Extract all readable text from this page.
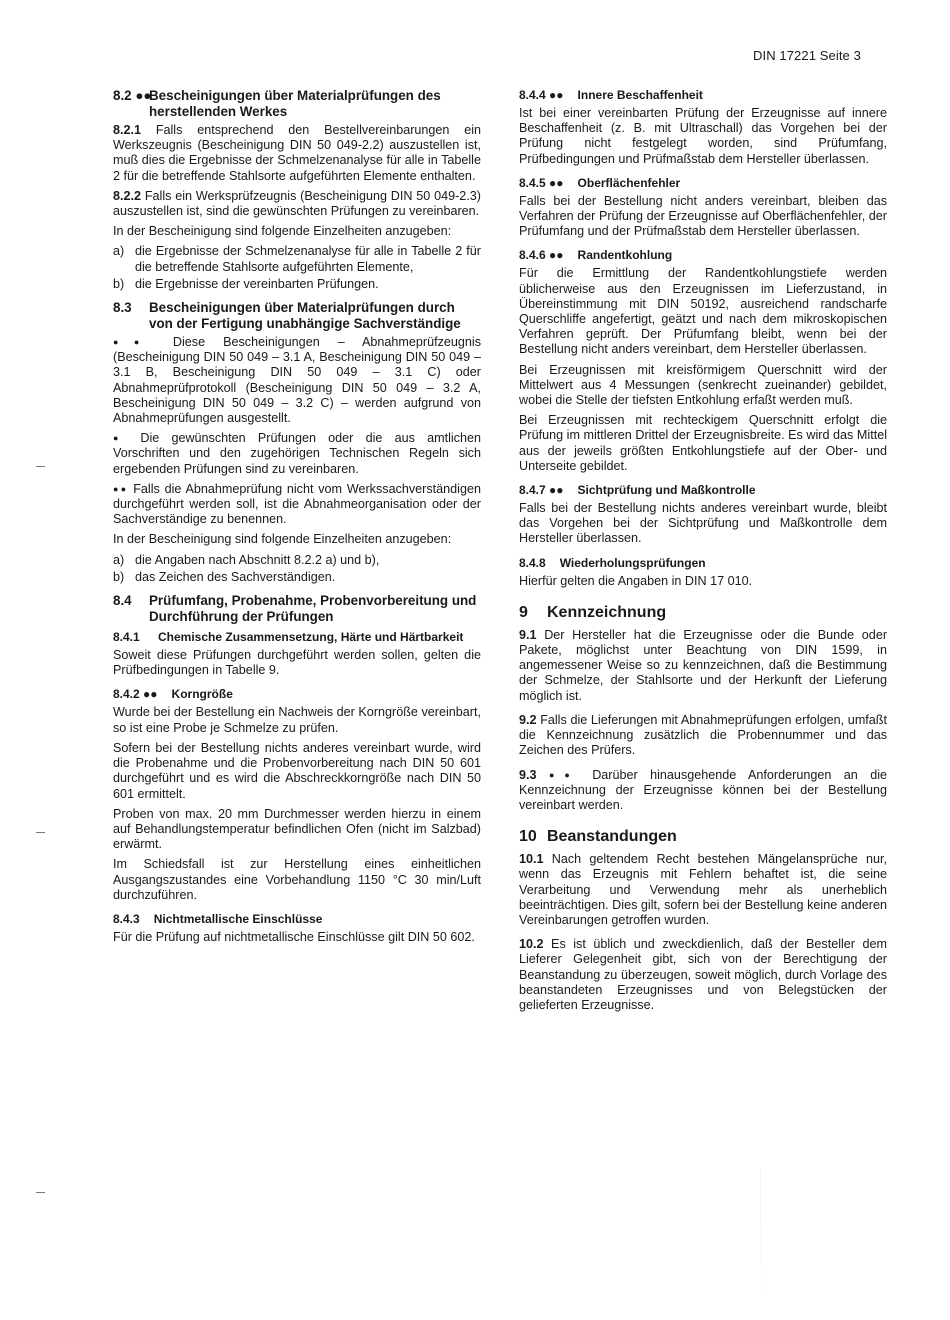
DIN 17221 Seite 3
8.2 ●●
Bescheinigungen über Materialprüfungen des herstellenden Werkes

8.2.1 Falls entsprechend den Bestellvereinbarungen ein Werkszeugnis (Bescheinigung DIN 50 049-2.2) auszustellen ist, muß dies die Ergebnisse der Schmelzenanalyse für alle in Tabelle 2 für die betreffende Stahlsorte aufgeführten Elemente enthalten.

8.2.2 Falls ein Werksprüfzeugnis (Bescheinigung DIN 50 049-2.3) auszustellen ist, sind die gewünschten Prüfungen zu vereinbaren.

In der Bescheinigung sind folgende Einzelheiten anzugeben:

a) die Ergebnisse der Schmelzenanalyse für alle in Tabelle 2 für die betreffende Stahlsorte aufgeführten Elemente,
b) die Ergebnisse der vereinbarten Prüfungen.
8.3 Bescheinigungen über Materialprüfungen durch von der Fertigung unabhängige Sachverständige

●● Diese Bescheinigungen – Abnahmeprüfzeugnis (Bescheinigung DIN 50 049 – 3.1 A, Bescheinigung DIN 50 049 – 3.1 B, Bescheinigung DIN 50 049 – 3.1 C) oder Abnahmeprüfprotokoll (Bescheinigung DIN 50 049 – 3.2 A, Bescheinigung DIN 50 049 – 3.2 C) – werden aufgrund von Abnahmeprüfungen ausgestellt.

● Die gewünschten Prüfungen oder die aus amtlichen Vorschriften und den zugehörigen Technischen Regeln sich ergebenden Prüfungen sind zu vereinbaren.

●● Falls die Abnahmeprüfung nicht vom Werkssachverständigen durchgeführt werden soll, ist die Abnahmeorganisation oder der Sachverständige zu benennen.

In der Bescheinigung sind folgende Einzelheiten anzugeben:

a) die Angaben nach Abschnitt 8.2.2 a) und b),
b) das Zeichen des Sachverständigen.
8.4 Prüfumfang, Probenahme, Probenvorbereitung und Durchführung der Prüfungen
8.4.1 Chemische Zusammensetzung, Härte und Härtbarkeit

Soweit diese Prüfungen durchgeführt werden sollen, gelten die Prüfbedingungen in Tabelle 9.

8.4.2 ●● Korngröße

Wurde bei der Bestellung ein Nachweis der Korngröße vereinbart, so ist eine Probe je Schmelze zu prüfen.

Sofern bei der Bestellung nichts anderes vereinbart wurde, wird die Probenahme und die Probenvorbereitung nach DIN 50 601 durchgeführt und es wird die Abschreckkorngröße nach DIN 50 601 ermittelt.

Proben von max. 20 mm Durchmesser werden hierzu in einem auf Behandlungstemperatur befindlichen Ofen (nicht im Salzbad) erwärmt.

Im Schiedsfall ist zur Herstellung eines einheitlichen Ausgangszustandes eine Vorbehandlung 1150 °C 30 min/Luft durchzuführen.

8.4.3 Nichtmetallische Einschlüsse

Für die Prüfung auf nichtmetallische Einschlüsse gilt DIN 50 602.

8.4.4 ●● Innere Beschaffenheit

Ist bei einer vereinbarten Prüfung der Erzeugnisse auf innere Beschaffenheit (z. B. mit Ultraschall) das Vorgehen bei der Prüfung nicht festgelegt worden, sind Prüfumfang, Prüfbedingungen und Prüfmaßstab dem Hersteller überlassen.

8.4.5 ●● Oberflächenfehler

Falls bei der Bestellung nicht anders vereinbart, bleiben das Verfahren der Prüfung der Erzeugnisse auf Oberflächenfehler, der Prüfumfang und der Prüfmaßstab dem Hersteller überlassen.

8.4.6 ●● Randentkohlung

Für die Ermittlung der Randentkohlungstiefe werden üblicherweise aus den Erzeugnissen im Lieferzustand, in Übereinstimmung mit DIN 50192, ausreichend randscharfe Querschliffe angefertigt, geätzt und nach dem mikroskopischen Verfahren geprüft. Der Prüfumfang bleibt, wenn bei der Bestellung nicht anders vereinbart, dem Hersteller überlassen.

Bei Erzeugnissen mit kreisförmigem Querschnitt wird der Mittelwert aus 4 Messungen (senkrecht zueinander) gebildet, wobei die Stelle der tiefsten Entkohlung erfaßt werden muß.

Bei Erzeugnissen mit rechteckigem Querschnitt erfolgt die Prüfung im mittleren Drittel der Erzeugnisbreite. Es wird das Mittel aus der jeweils größten Entkohlungstiefe auf der Ober- und Unterseite gebildet.

8.4.7 ●● Sichtprüfung und Maßkontrolle

Falls bei der Bestellung nichts anderes vereinbart wurde, bleibt das Vorgehen bei der Sichtprüfung und Maßkontrolle dem Hersteller überlassen.

8.4.8 Wiederholungsprüfungen

Hierfür gelten die Angaben in DIN 17 010.

9 Kennzeichnung

9.1 Der Hersteller hat die Erzeugnisse oder die Bunde oder Pakete, möglichst unter Beachtung von DIN 1599, in angemessener Weise so zu kennzeichnen, daß die Bestimmung der Schmelze, der Stahlsorte und der Herkunft der Lieferung möglich ist.

9.2 Falls die Lieferungen mit Abnahmeprüfungen erfolgen, umfaßt die Kennzeichnung zusätzlich die Probennummer und das Zeichen des Prüfers.

9.3 ●● Darüber hinausgehende Anforderungen an die Kennzeichnung der Erzeugnisse können bei der Bestellung vereinbart werden.

10 Beanstandungen

10.1 Nach geltendem Recht bestehen Mängelansprüche nur, wenn das Erzeugnis mit Fehlern behaftet ist, die seine Verarbeitung und Verwendung mehr als unerheblich beeinträchtigen. Dies gilt, sofern bei der Bestellung keine anderen Vereinbarungen getroffen wurden.

10.2 Es ist üblich und zweckdienlich, daß der Besteller dem Lieferer Gelegenheit gibt, sich von der Berechtigung der Beanstandung zu überzeugen, soweit möglich, durch Vorlage des beanstandeten Erzeugnisses und von Belegstücken der gelieferten Erzeugnisse.
